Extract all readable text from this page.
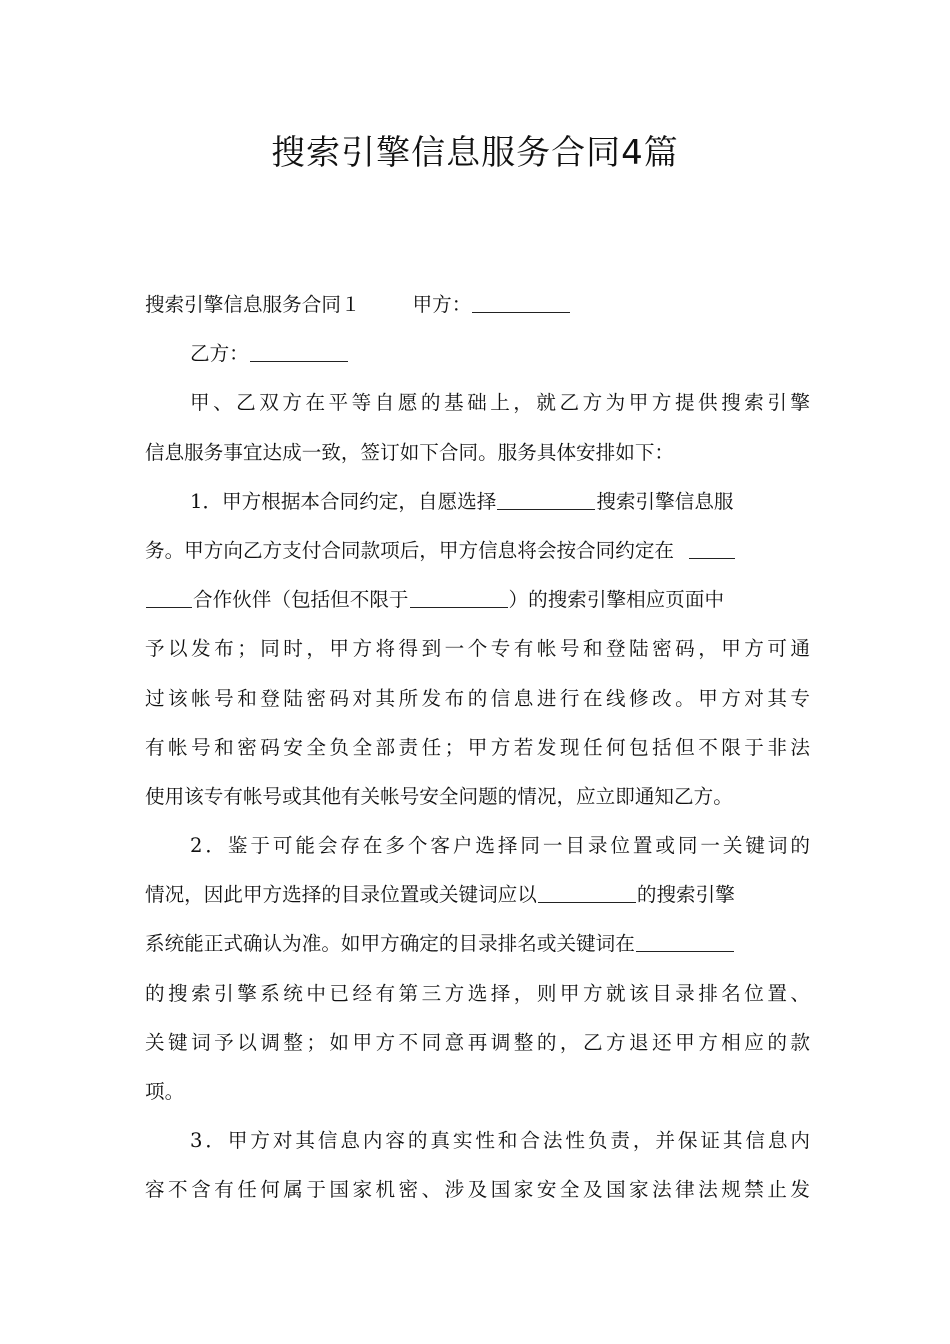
搜索引擎信息服务合同4篇
搜索引擎信息服务合同１	甲方：
乙方：
甲、乙双方在平等自愿的基础上，就乙方为甲方提供搜索引擎
信息服务事宜达成一致，签订如下合同。服务具体安排如下：
1．甲方根据本合同约定，自愿选择	搜索引擎信息服
务。甲方向乙方支付合同款项后，甲方信息将会按合同约定在
合作伙伴（包括但不限于	）的搜索引擎相应页面中
予以发布；同时，甲方将得到一个专有帐号和登陆密码，甲方可通
过该帐号和登陆密码对其所发布的信息进行在线修改。甲方对其专
有帐号和密码安全负全部责任；甲方若发现任何包括但不限于非法
使用该专有帐号或其他有关帐号安全问题的情况，应立即通知乙方。
2．鉴于可能会存在多个客户选择同一目录位置或同一关键词的
情况，因此甲方选择的目录位置或关键词应以	的搜索引擎
系统能正式确认为准。如甲方确定的目录排名或关键词在
的搜索引擎系统中已经有第三方选择，则甲方就该目录排名位置、
关键词予以调整；如甲方不同意再调整的，乙方退还甲方相应的款
项。
3．甲方对其信息内容的真实性和合法性负责，并保证其信息内
容不含有任何属于国家机密、涉及国家安全及国家法律法规禁止发
